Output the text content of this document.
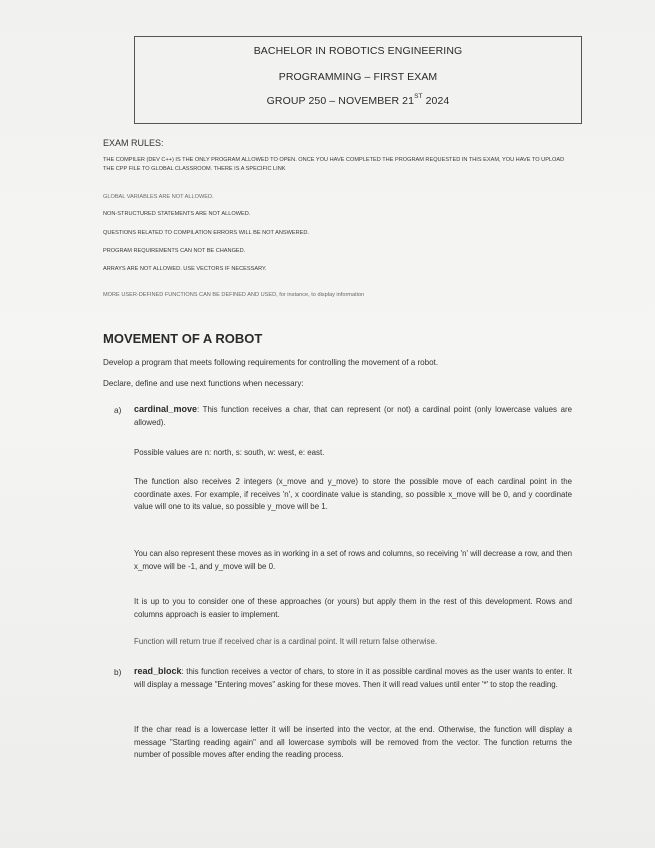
BACHELOR IN ROBOTICS ENGINEERING
PROGRAMMING – FIRST EXAM
GROUP 250 – NOVEMBER 21ST 2024
EXAM RULES:
THE COMPILER (DEV C++) IS THE ONLY PROGRAM ALLOWED TO OPEN. ONCE YOU HAVE COMPLETED THE PROGRAM REQUESTED IN THIS EXAM, YOU HAVE TO UPLOAD THE CPP FILE TO GLOBAL CLASSROOM. THERE IS A SPECIFIC LINK
GLOBAL VARIABLES ARE NOT ALLOWED.
NON-STRUCTURED STATEMENTS ARE NOT ALLOWED.
QUESTIONS RELATED TO COMPILATION ERRORS WILL BE NOT ANSWERED.
PROGRAM REQUIREMENTS CAN NOT BE CHANGED.
ARRAYS ARE NOT ALLOWED. USE VECTORS IF NECESSARY.
MORE USER-DEFINED FUNCTIONS CAN BE DEFINED AND USED, for instance, to display information
MOVEMENT OF A ROBOT
Develop a program that meets following requirements for controlling the movement of a robot.
Declare, define and use next functions when necessary:
a) cardinal_move: This function receives a char, that can represent (or not) a cardinal point (only lowercase values are allowed).
Possible values are n: north, s: south, w: west, e: east.
The function also receives 2 integers (x_move and y_move) to store the possible move of each cardinal point in the coordinate axes. For example, if receives 'n', x coordinate value is standing, so possible x_move will be 0, and y coordinate value will one to its value, so possible y_move will be 1.
You can also represent these moves as in working in a set of rows and columns, so receiving 'n' will decrease a row, and then x_move will be -1, and y_move will be 0.
It is up to you to consider one of these approaches (or yours) but apply them in the rest of this development. Rows and columns approach is easier to implement.
Function will return true if received char is a cardinal point. It will return false otherwise.
b) read_block: this function receives a vector of chars, to store in it as possible cardinal moves as the user wants to enter. It will display a message "Entering moves" asking for these moves. Then it will read values until enter '*' to stop the reading.
If the char read is a lowercase letter it will be inserted into the vector, at the end. Otherwise, the function will display a message "Starting reading again" and all lowercase symbols will be removed from the vector. The function returns the number of possible moves after ending the reading process.
